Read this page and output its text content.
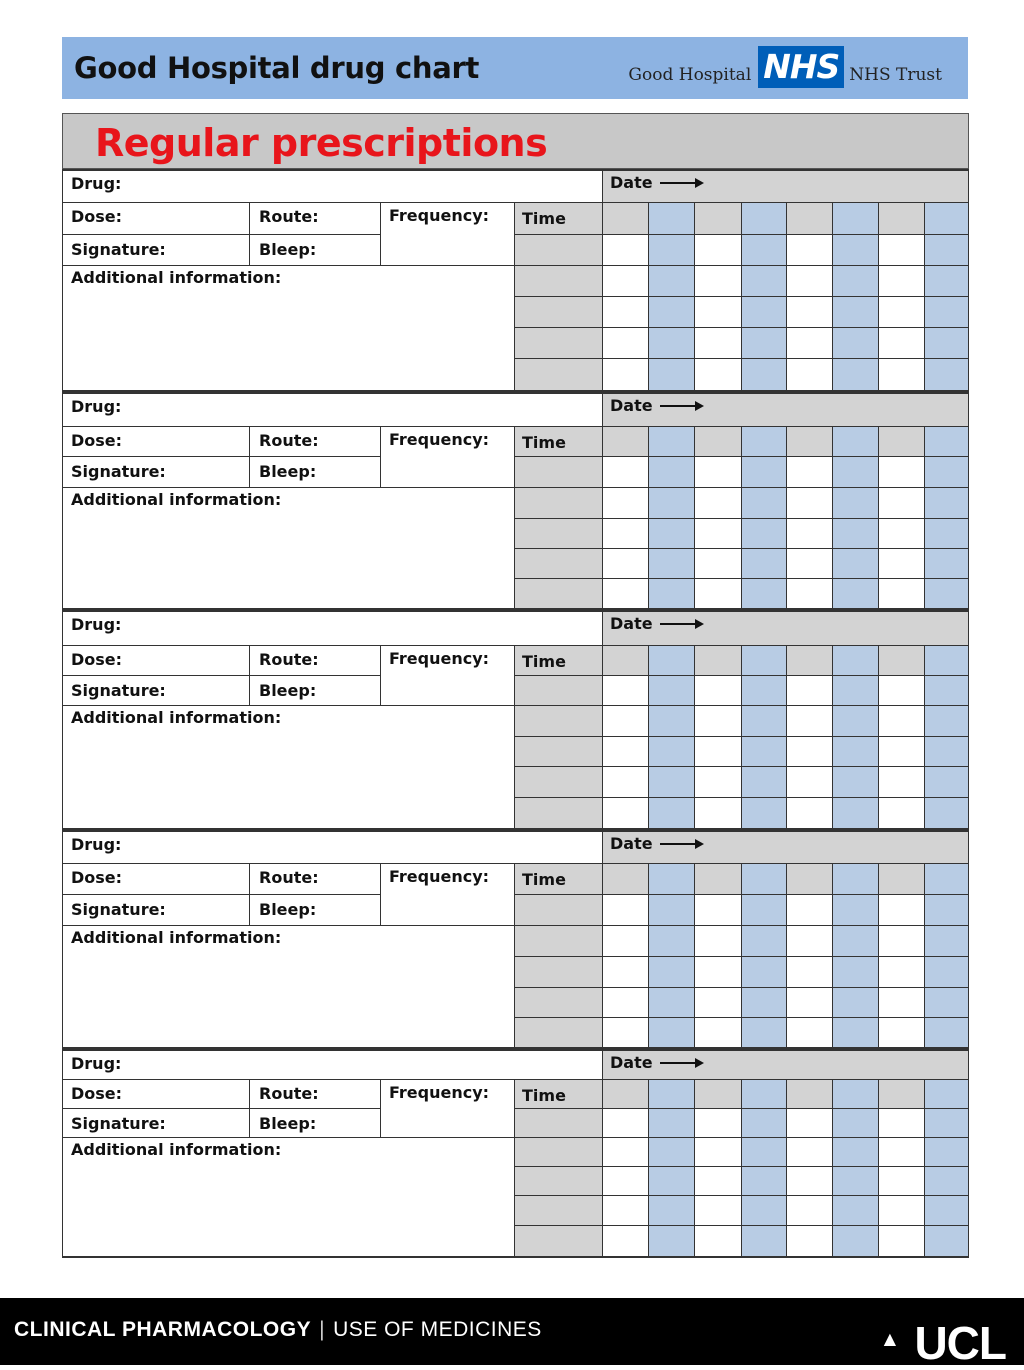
Good Hospital drug chart	Good Hospital NHS NHS Trust
Regular prescriptions
Drug:
Dose:	Route:	Frequency:
Signature:	Bleep:
Additional information:
Time
Date
Drug:
Dose:	Route:	Frequency:
Signature:	Bleep:
Additional information:
Time
Date
Drug:
Dose:	Route:	Frequency:
Signature:	Bleep:
Additional information:
Time
Date
Drug:
Dose:	Route:	Frequency:
Signature:	Bleep:
Additional information:
Time
Date
Drug:
Dose:	Route:	Frequency:
Signature:	Bleep:
Additional information:
Time
Date
CLINICAL PHARMACOLOGY | USE OF MEDICINES	▲ UCL
